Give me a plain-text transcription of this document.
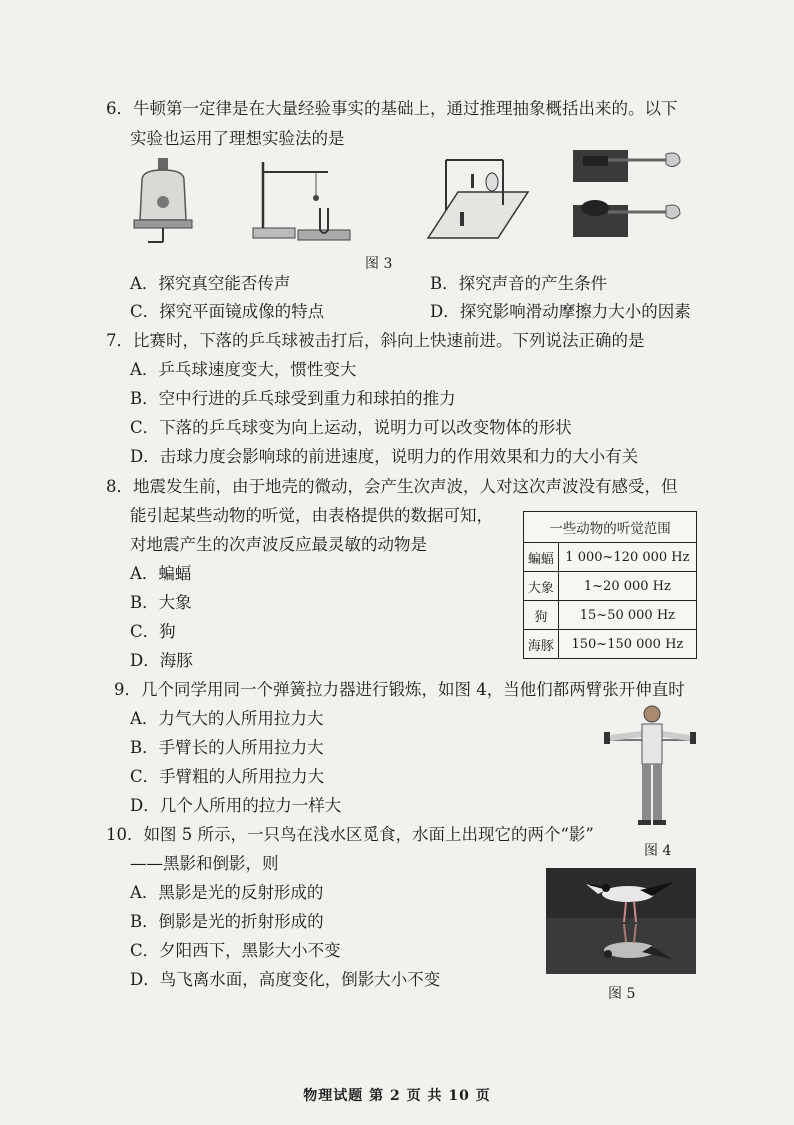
6．牛顿第一定律是在大量经验事实的基础上，通过推理抽象概括出来的。以下
实验也运用了理想实验法的是
图 3
A．探究真空能否传声	B．探究声音的产生条件
C．探究平面镜成像的特点	D．探究影响滑动摩擦力大小的因素
7．比赛时，下落的乒乓球被击打后，斜向上快速前进。下列说法正确的是
A．乒乓球速度变大，惯性变大
B．空中行进的乒乓球受到重力和球拍的推力
C．下落的乒乓球变为向上运动，说明力可以改变物体的形状
D．击球力度会影响球的前进速度，说明力的作用效果和力的大小有关
8．地震发生前，由于地壳的微动，会产生次声波，人对这次声波没有感受，但
能引起某些动物的听觉，由表格提供的数据可知，
对地震产生的次声波反应最灵敏的动物是
A．蝙蝠
B．大象
C．狗
D．海豚
一些动物的听觉范围	
蝙蝠	1 000~120 000 Hz
大象	1~20 000 Hz
狗	15~50 000 Hz
海豚	150~150 000 Hz
9．几个同学用同一个弹簧拉力器进行锻炼，如图 4，当他们都两臂张开伸直时
A．力气大的人所用拉力大
B．手臂长的人所用拉力大
C．手臂粗的人所用拉力大
D．几个人所用的拉力一样大
图 4
10．如图 5 所示，一只鸟在浅水区觅食，水面上出现它的两个“影”
——黑影和倒影，则
A．黑影是光的反射形成的
B．倒影是光的折射形成的
C．夕阳西下，黑影大小不变
D．鸟飞离水面，高度变化，倒影大小不变
图 5
物理试题 第 2 页 共 10 页
